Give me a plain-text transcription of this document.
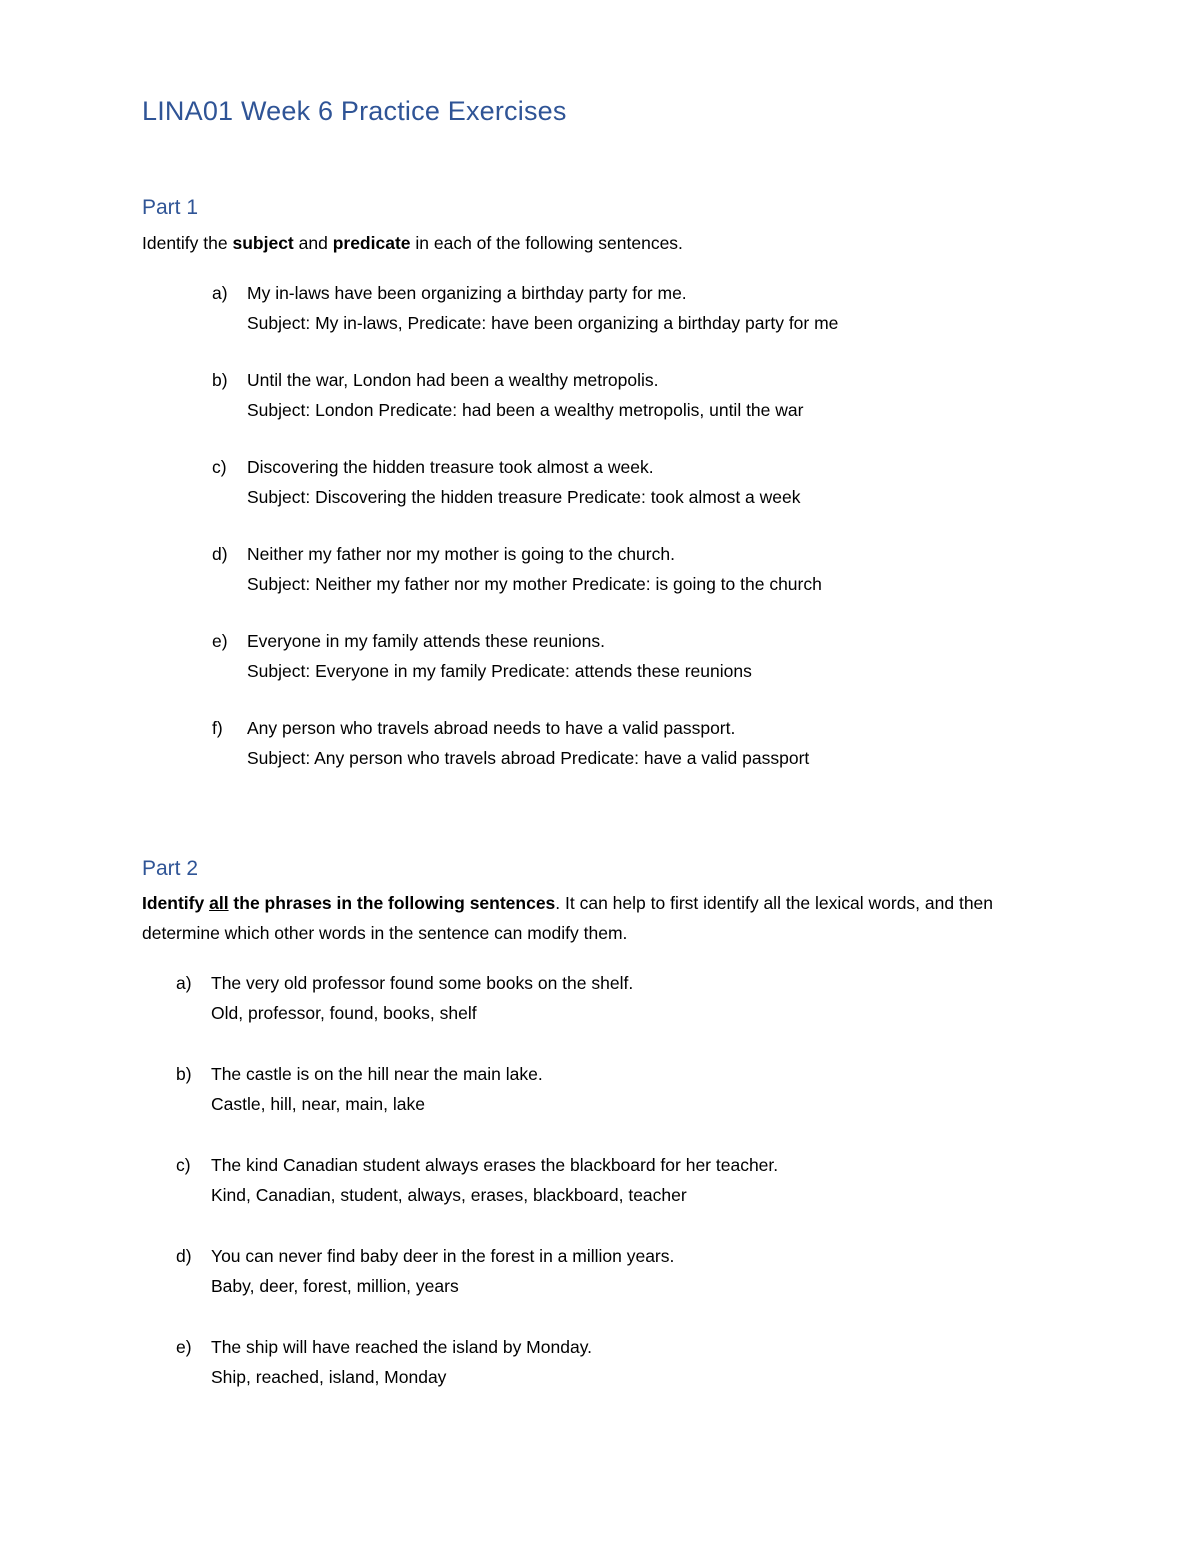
LINA01 Week 6 Practice Exercises
Part 1

Identify the subject and predicate in each of the following sentences.

a) My in-laws have been organizing a birthday party for me.
Subject: My in-laws, Predicate: have been organizing a birthday party for me
b) Until the war, London had been a wealthy metropolis.
Subject: London Predicate: had been a wealthy metropolis, until the war
c) Discovering the hidden treasure took almost a week.
Subject: Discovering the hidden treasure Predicate: took almost a week
d) Neither my father nor my mother is going to the church.
Subject: Neither my father nor my mother Predicate: is going to the church
e) Everyone in my family attends these reunions.
Subject: Everyone in my family Predicate: attends these reunions
f) Any person who travels abroad needs to have a valid passport.
Subject: Any person who travels abroad Predicate: have a valid passport
Part 2

Identify all the phrases in the following sentences. It can help to first identify all the lexical words, and then determine which other words in the sentence can modify them.

a) The very old professor found some books on the shelf.
Old, professor, found, books, shelf
b) The castle is on the hill near the main lake.
Castle, hill, near, main, lake
c) The kind Canadian student always erases the blackboard for her teacher.
Kind, Canadian, student, always, erases, blackboard, teacher
d) You can never find baby deer in the forest in a million years.
Baby, deer, forest, million, years
e) The ship will have reached the island by Monday.
Ship, reached, island, Monday
